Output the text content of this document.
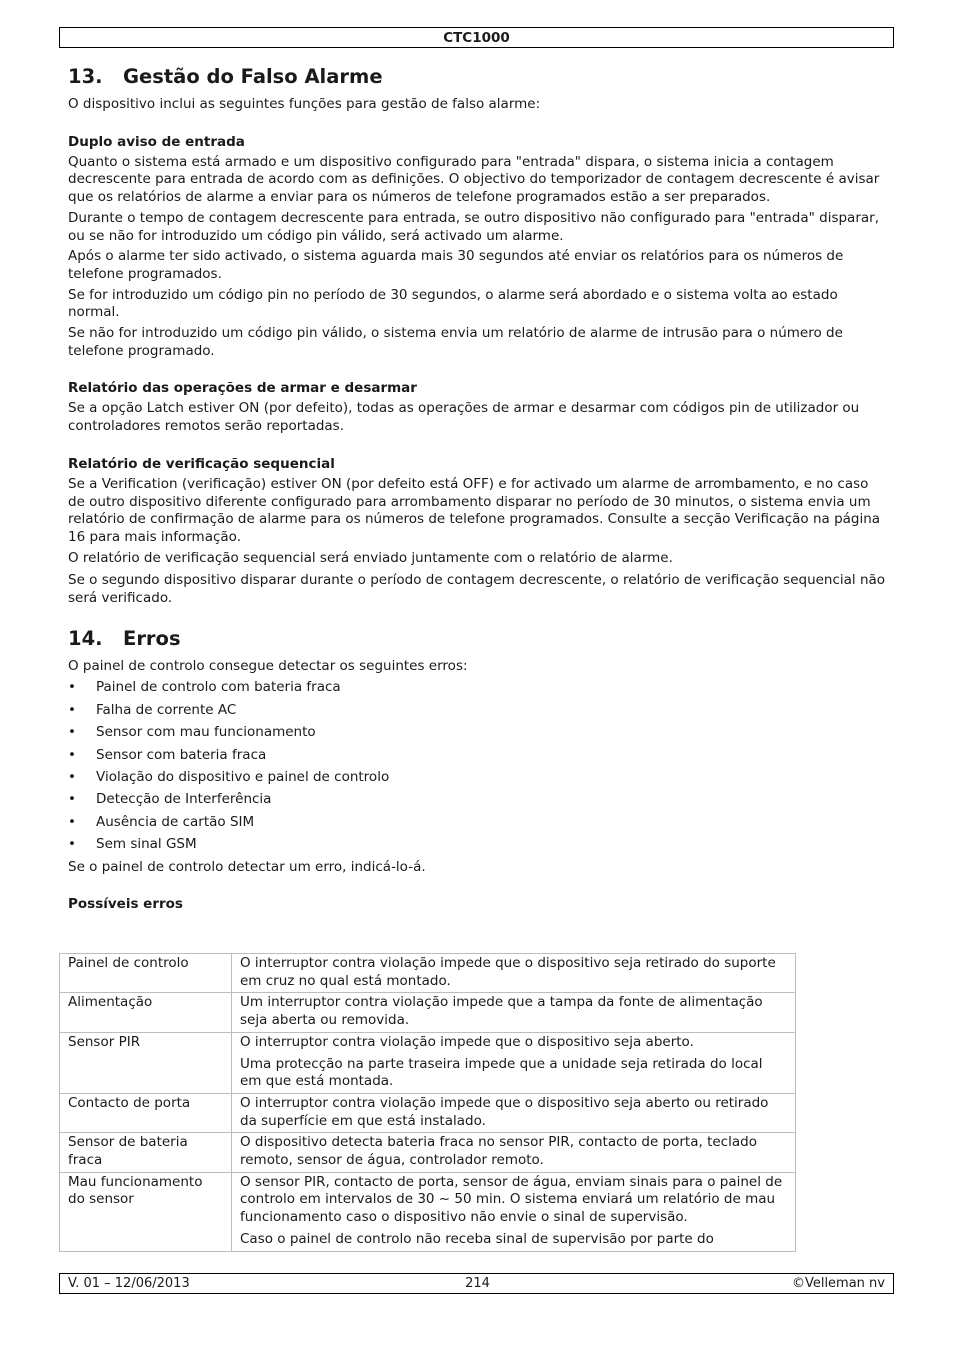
CTC1000
13. Gestão do Falso Alarme

O dispositivo inclui as seguintes funções para gestão de falso alarme:

Duplo aviso de entrada

Quanto o sistema está armado e um dispositivo configurado para "entrada" dispara, o sistema inicia a contagem decrescente para entrada de acordo com as definições. O objectivo do temporizador de contagem decrescente é avisar que os relatórios de alarme a enviar para os números de telefone programados estão a ser preparados.

Durante o tempo de contagem decrescente para entrada, se outro dispositivo não configurado para "entrada" disparar, ou se não for introduzido um código pin válido, será activado um alarme.

Após o alarme ter sido activado, o sistema aguarda mais 30 segundos até enviar os relatórios para os números de telefone programados.

Se for introduzido um código pin no período de 30 segundos, o alarme será abordado e o sistema volta ao estado normal.

Se não for introduzido um código pin válido, o sistema envia um relatório de alarme de intrusão para o número de telefone programado.

Relatório das operações de armar e desarmar

Se a opção Latch estiver ON (por defeito), todas as operações de armar e desarmar com códigos pin de utilizador ou controladores remotos serão reportadas.

Relatório de verificação sequencial

Se a Verification (verificação) estiver ON (por defeito está OFF) e for activado um alarme de arrombamento, e no caso de outro dispositivo diferente configurado para arrombamento disparar no período de 30 minutos, o sistema envia um relatório de confirmação de alarme para os números de telefone programados. Consulte a secção Verificação na página 16 para mais informação.

O relatório de verificação sequencial será enviado juntamente com o relatório de alarme.

Se o segundo dispositivo disparar durante o período de contagem decrescente, o relatório de verificação sequencial não será verificado.

14. Erros

O painel de controlo consegue detectar os seguintes erros:

• Painel de controlo com bateria fraca
• Falha de corrente AC
• Sensor com mau funcionamento
• Sensor com bateria fraca
• Violação do dispositivo e painel de controlo
• Detecção de Interferência
• Ausência de cartão SIM
• Sem sinal GSM

Se o painel de controlo detectar um erro, indicá-lo-á.

Possíveis erros
Painel de controlo	O interruptor contra violação impede que o dispositivo seja retirado do suporte em cruz no qual está montado.

Alimentação	Um interruptor contra violação impede que a tampa da fonte de alimentação seja aberta ou removida.

Sensor PIR	O interruptor contra violação impede que o dispositivo seja aberto.

Uma protecção na parte traseira impede que a unidade seja retirada do local em que está montada.

Contacto de porta	O interruptor contra violação impede que o dispositivo seja aberto ou retirado da superfície em que está instalado.

Sensor de bateria fraca	O dispositivo detecta bateria fraca no sensor PIR, contacto de porta, teclado remoto, sensor de água, controlador remoto.

Mau funcionamento do sensor	O sensor PIR, contacto de porta, sensor de água, enviam sinais para o painel de controlo em intervalos de 30 ~ 50 min. O sistema enviará um relatório de mau funcionamento caso o dispositivo não envie o sinal de supervisão.

Caso o painel de controlo não receba sinal de supervisão por parte do

V. 01 – 12/06/2013	214	©Velleman nv
